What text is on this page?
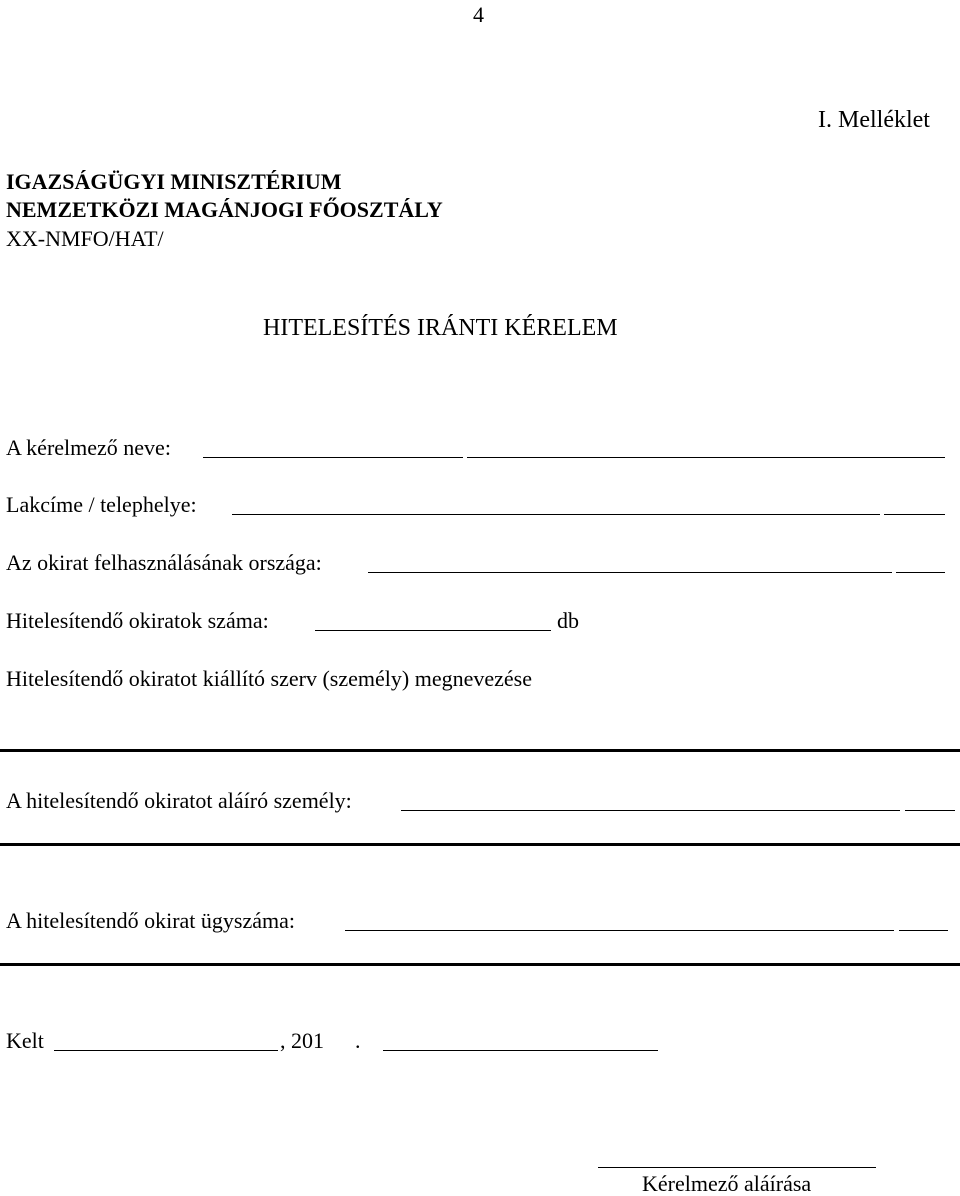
4
I. Melléklet
IGAZSÁGÜGYI MINISZTÉRIUM
NEMZETKÖZI MAGÁNJOGI FŐOSZTÁLY
XX-NMFO/HAT/
HITELESÍTÉS IRÁNTI KÉRELEM
A kérelmező neve:
Lakcíme / telephelye:
Az okirat felhasználásának országa:
Hitelesítendő okiratok száma:	db
Hitelesítendő okiratot kiállító szerv (személy) megnevezése
A hitelesítendő okiratot aláíró személy:
A hitelesítendő okirat ügyszáma:
Kelt	, 201 .
Kérelmező aláírása
